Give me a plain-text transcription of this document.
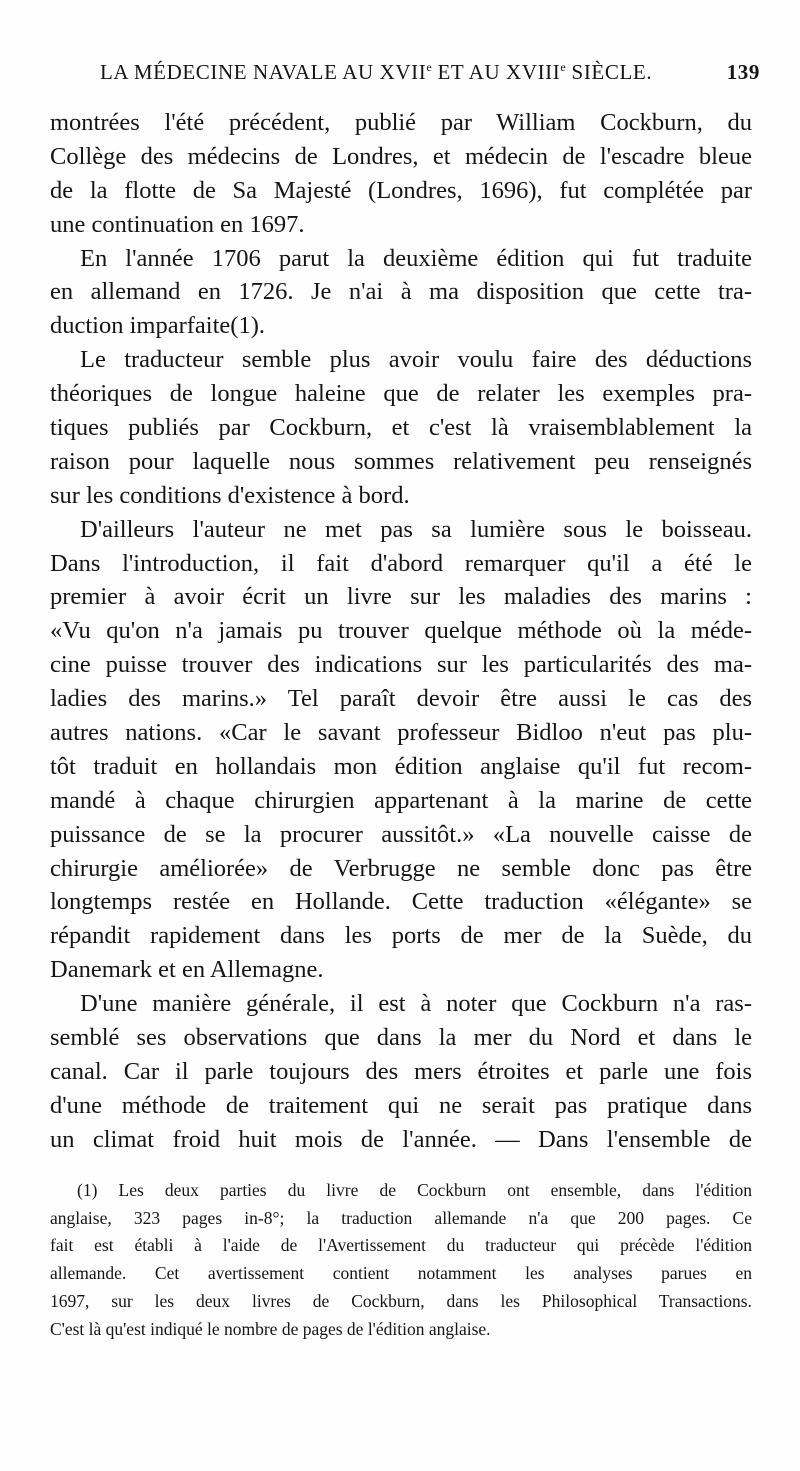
LA MÉDECINE NAVALE AU XVIIe ET AU XVIIIe SIÈCLE.	139
montrées l'été précédent, publié par William Cockburn, du
Collège des médecins de Londres, et médecin de l'escadre bleue
de la flotte de Sa Majesté (Londres, 1696), fut complétée par
une continuation en 1697.
En l'année 1706 parut la deuxième édition qui fut traduite
en allemand en 1726. Je n'ai à ma disposition que cette tra-
duction imparfaite(1).
Le traducteur semble plus avoir voulu faire des déductions
théoriques de longue haleine que de relater les exemples pra-
tiques publiés par Cockburn, et c'est là vraisemblablement la
raison pour laquelle nous sommes relativement peu renseignés
sur les conditions d'existence à bord.
D'ailleurs l'auteur ne met pas sa lumière sous le boisseau.
Dans l'introduction, il fait d'abord remarquer qu'il a été le
premier à avoir écrit un livre sur les maladies des marins :
«Vu qu'on n'a jamais pu trouver quelque méthode où la méde-
cine puisse trouver des indications sur les particularités des ma-
ladies des marins.» Tel paraît devoir être aussi le cas des
autres nations. «Car le savant professeur Bidloo n'eut pas plu-
tôt traduit en hollandais mon édition anglaise qu'il fut recom-
mandé à chaque chirurgien appartenant à la marine de cette
puissance de se la procurer aussitôt.» «La nouvelle caisse de
chirurgie améliorée» de Verbrugge ne semble donc pas être
longtemps restée en Hollande. Cette traduction «élégante» se
répandit rapidement dans les ports de mer de la Suède, du
Danemark et en Allemagne.
D'une manière générale, il est à noter que Cockburn n'a ras-
semblé ses observations que dans la mer du Nord et dans le
canal. Car il parle toujours des mers étroites et parle une fois
d'une méthode de traitement qui ne serait pas pratique dans
un climat froid huit mois de l'année. — Dans l'ensemble de
(1) Les deux parties du livre de Cockburn ont ensemble, dans l'édition
anglaise, 323 pages in-8°; la traduction allemande n'a que 200 pages. Ce
fait est établi à l'aide de l'Avertissement du traducteur qui précède l'édition
allemande. Cet avertissement contient notamment les analyses parues en
1697, sur les deux livres de Cockburn, dans les Philosophical Transactions.
C'est là qu'est indiqué le nombre de pages de l'édition anglaise.
